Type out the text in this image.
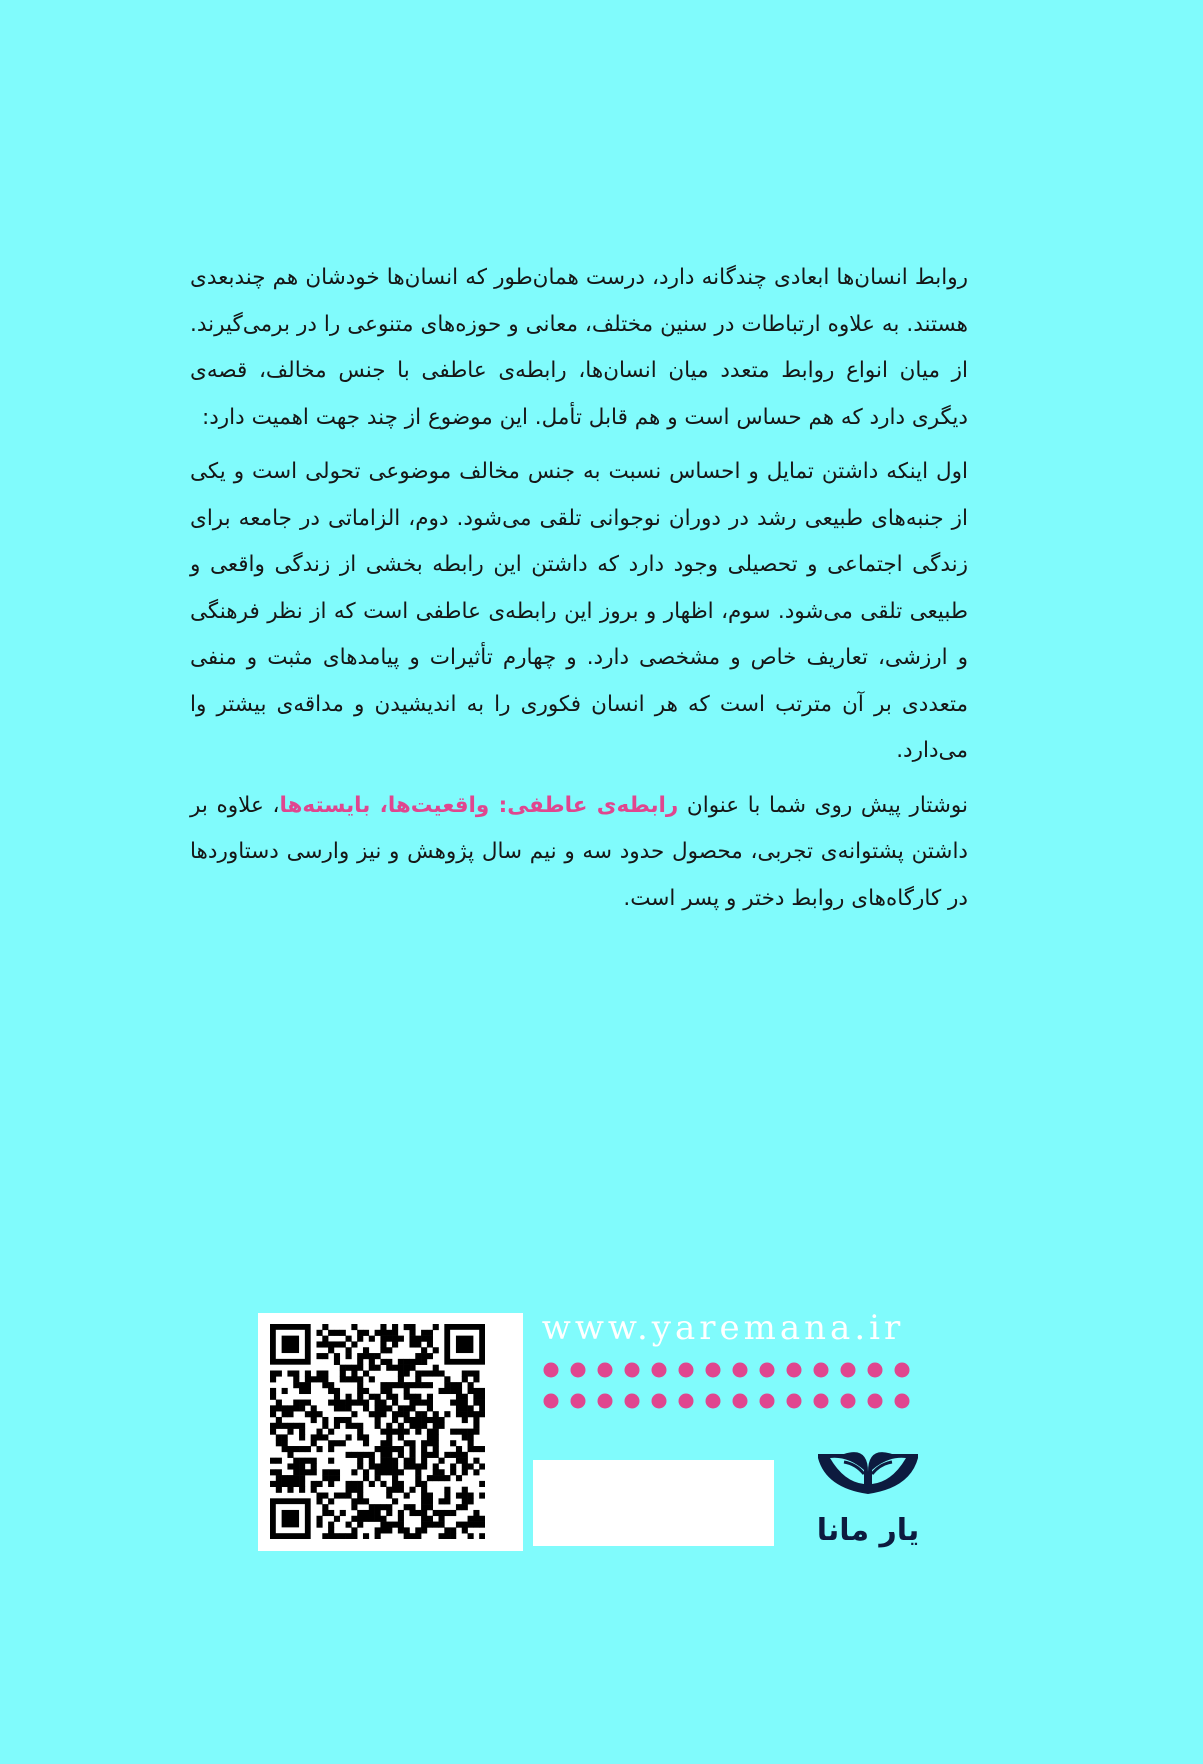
روابط انسان‌ها ابعادی چندگانه دارد، درست همان‌طور که انسان‌ها خودشان هم چندبعدی هستند. به علاوه ارتباطات در سنین مختلف، معانی و حوزه‌های متنوعی را در برمی‌گیرند. از میان انواع روابط متعدد میان انسان‌ها، رابطه‌ی عاطفی با جنس مخالف، قصه‌ی دیگری دارد که هم حساس است و هم قابل تأمل. این موضوع از چند جهت اهمیت دارد:

اول اینکه داشتن تمایل و احساس نسبت به جنس مخالف موضوعی تحولی است و یکی از جنبه‌های طبیعی رشد در دوران نوجوانی تلقی می‌شود. دوم، الزاماتی در جامعه برای زندگی اجتماعی و تحصیلی وجود دارد که داشتن این رابطه بخشی از زندگی واقعی و طبیعی تلقی می‌شود. سوم، اظهار و بروز این رابطه‌ی عاطفی است که از نظر فرهنگی و ارزشی، تعاریف خاص و مشخصی دارد. و چهارم تأثیرات و پیامدهای مثبت و منفی متعددی بر آن مترتب است که هر انسان فکوری را به اندیشیدن و مداقه‌ی بیشتر وا می‌دارد.

نوشتار پیش روی شما با عنوان رابطه‌ی عاطفی: واقعیت‌ها، بایسته‌ها، علاوه بر داشتن پشتوانه‌ی تجربی، محصول حدود سه و نیم سال پژوهش و نیز وارسی دستاوردها در کارگاه‌های روابط دختر و پسر است.

www.yaremana.ir
یار مانا
